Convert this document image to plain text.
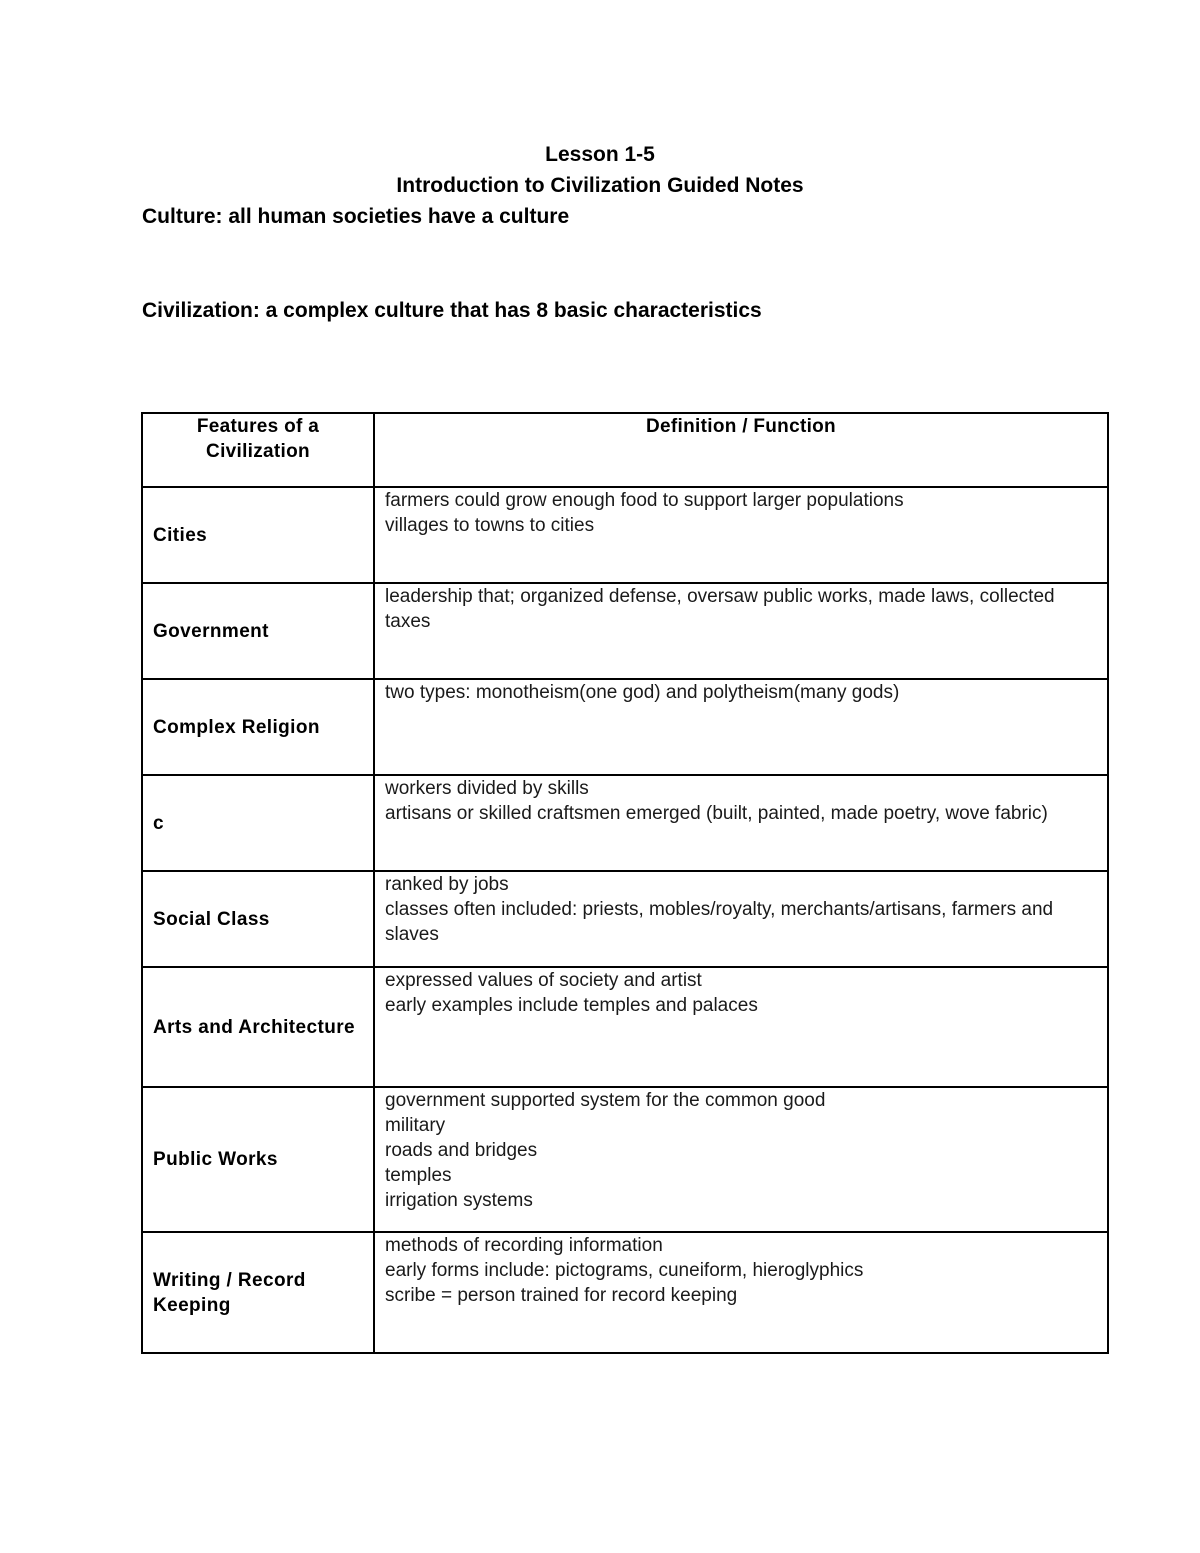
Lesson 1-5
Introduction to Civilization Guided Notes
Culture: all human societies have a culture
Civilization: a complex culture that has 8 basic characteristics
Features of a Civilization	Definition / Function
Cities	farmers could grow enough food to support larger populations
villages to towns to cities

Government	leadership that; organized defense, oversaw public works, made laws, collected taxes

Complex Religion	two types: monotheism(one god) and polytheism(many gods)

c	workers divided by skills
artisans or skilled craftsmen emerged (built, painted, made poetry, wove fabric)

Social Class	ranked by jobs
classes often included: priests, mobles/royalty, merchants/artisans, farmers and slaves

Arts and Architecture	expressed values of society and artist
early examples include temples and palaces

Public Works	government supported system for the common good
military
roads and bridges
temples
irrigation systems

Writing / Record Keeping	methods of recording information
early forms include: pictograms, cuneiform, hieroglyphics
scribe = person trained for record keeping
